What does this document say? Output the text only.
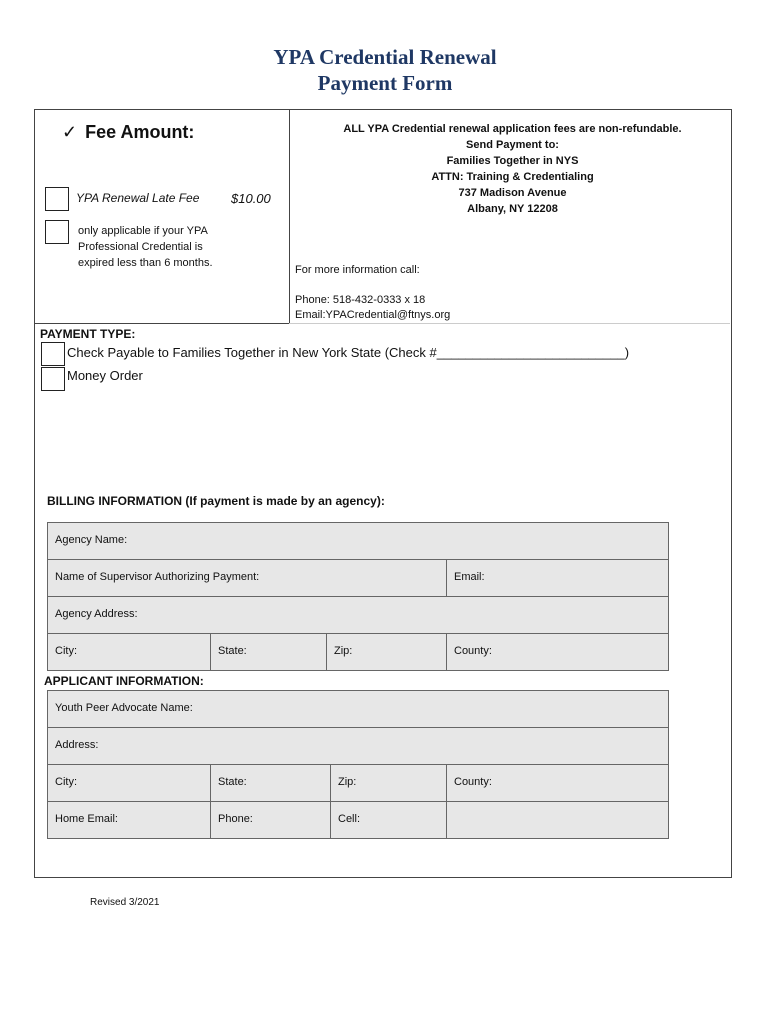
YPA Credential Renewal
Payment Form
✓ Fee Amount:
YPA Renewal Late Fee $10.00
only applicable if your YPA
Professional Credential is
expired less than 6 months.
ALL YPA Credential renewal application fees are non-refundable.
Send Payment to:
Families Together in NYS
ATTN: Training & Credentialing
737 Madison Avenue
Albany, NY 12208
For more information call:
Phone: 518-432-0333 x 18
Email:YPACredential@ftnys.org
PAYMENT TYPE:
Check Payable to Families Together in New York State (Check #__________________________)
Money Order
BILLING INFORMATION (If payment is made by an agency):
Agency Name:
Name of Supervisor Authorizing Payment:	Email:
Agency Address:
City:	State:	Zip:	County:
APPLICANT INFORMATION:
Youth Peer Advocate Name:
Address:
City:	State:	Zip:	County:
Home Email:	Phone:	Cell:
Revised 3/2021
